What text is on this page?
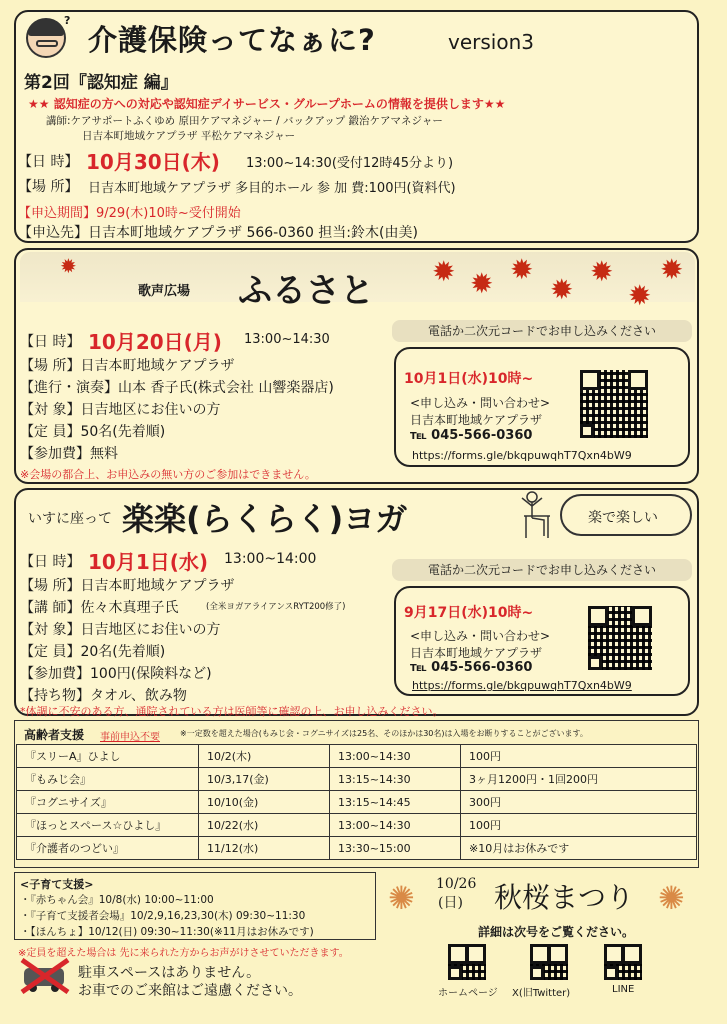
?
介護保険ってなぁに?	version3
第2回『認知症 編』
★★ 認知症の方への対応や認知症デイサービス・グループホームの情報を提供します★★
講師:ケアサポートふくゆめ 原田ケアマネジャー / バックアップ 鍛治ケアマネジャー
日吉本町地域ケアプラザ 平松ケアマネジャー
【日 時】 10月30日(木) 13:00~14:30(受付12時45分より)
【場 所】 日吉本町地域ケアプラザ 多目的ホール 参 加 費:100円(資料代)
【申込期間】9/29(木)10時~受付開始
【申込先】日吉本町地域ケアプラザ 566-0360 担当:鈴木(由美)
✹ ✹ ✹
✹
✹
✹
✹
✹
歌声広場 ふるさと
【日 時】 10月20日(月) 13:00~14:30
【場 所】日吉本町地域ケアプラザ
【進行・演奏】山本 香子氏(株式会社 山響楽器店)
【対 象】日吉地区にお住いの方
【定 員】50名(先着順)
【参加費】無料
※会場の都合上、お申込みの無い方のご参加はできません。
電話か二次元コードでお申し込みください
10月1日(水)10時~
<申し込み・問い合わせ>
日吉本町地域ケアプラザ
℡ 045-566-0360
https://forms.gle/bkqpuwqhT7Qxn4bW9
いすに座って 楽楽(らくらく)ヨガ	楽で楽しい
【日 時】 10月1日(水) 13:00~14:00
【場 所】日吉本町地域ケアプラザ
【講 師】佐々木真理子氏	(全米ヨガアライアンスRYT200修了)
【対 象】日吉地区にお住いの方
【定 員】20名(先着順)
【参加費】100円(保険料など)
【持ち物】タオル、飲み物
*体調に不安のある方、通院されている方は医師等に確認の上、お申し込みください。
電話か二次元コードでお申し込みください
9月17日(水)10時~
<申し込み・問い合わせ>
日吉本町地域ケアプラザ
℡ 045-566-0360
https://forms.gle/bkqpuwqhT7Qxn4bW9
高齢者支援 事前申込不要	※一定数を超えた場合(もみじ会・コグニサイズは25名、そのほかは30名)は入場をお断りすることがございます。
『スリーA』ひよし	10/2(木)	13:00~14:30	100円
『もみじ会』	10/3,17(金)	13:15~14:30	3ヶ月1200円・1回200円
『コグニサイズ』	10/10(金)	13:15~14:45	300円
『ほっとスペース☆ひよし』	10/22(水)	13:00~14:30	100円
『介護者のつどい』	11/12(水)	13:30~15:00	※10月はお休みです
<子育て支援>
・『赤ちゃん会』10/8(水) 10:00~11:00
・『子育て支援者会場』10/2,9,16,23,30(木) 09:30~11:30
・【ほんちょ】10/12(日) 09:30~11:30(※11月はお休みです)
※定員を超えた場合は 先に来られた方からお声がけさせていただきます。
駐車スペースはありません。
お車でのご来館はご遠慮ください。
✺	✺
10/26
(日) 秋桜まつり
詳細は次号をご覧ください。
ホームページ X(旧Twitter)	LINE
